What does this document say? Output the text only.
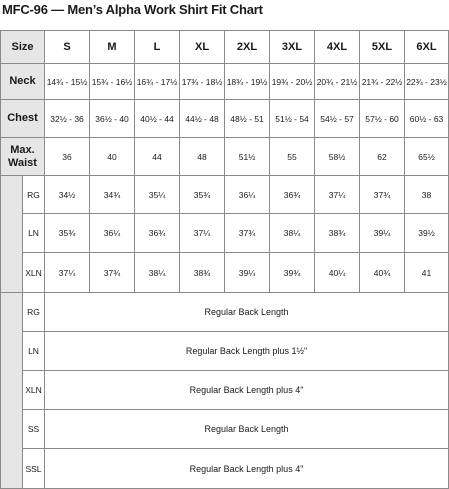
MFC-96 — Men’s Alpha Work Shirt Fit Chart
Size		S	M	L	XL	2XL	3XL	4XL	5XL	6XL
Neck		14¾ - 15½	15¾ - 16½	16¾ - 17½	17¾ - 18½	18¾ - 19½	19¾ - 20½	20¾ - 21½	21¾ - 22½	22¾ - 23½
Chest		32½ - 36	36½ - 40	40½ - 44	44½ - 48	48½ - 51	51½ - 54	54½ - 57	57½ - 60	60½ - 63
Max. Waist		36	40	44	48	51½	55	58½	62	65½
	RG	34½	34¾	35¼	35¾	36¼	36¾	37¼	37¾	38
	LN	35¾	36¼	36¾	37¼	37¾	38¼	38¾	39¼	39½
	XLN	37¼	37¾	38¼	38¾	39¼	39¾	40¼	40¾	41
	RG	Regular Back Length								
	LN	Regular Back Length plus 1½"								
	XLN	Regular Back Length plus 4"								
	SS	Regular Back Length								
	SSL	Regular Back Length plus 4"								
